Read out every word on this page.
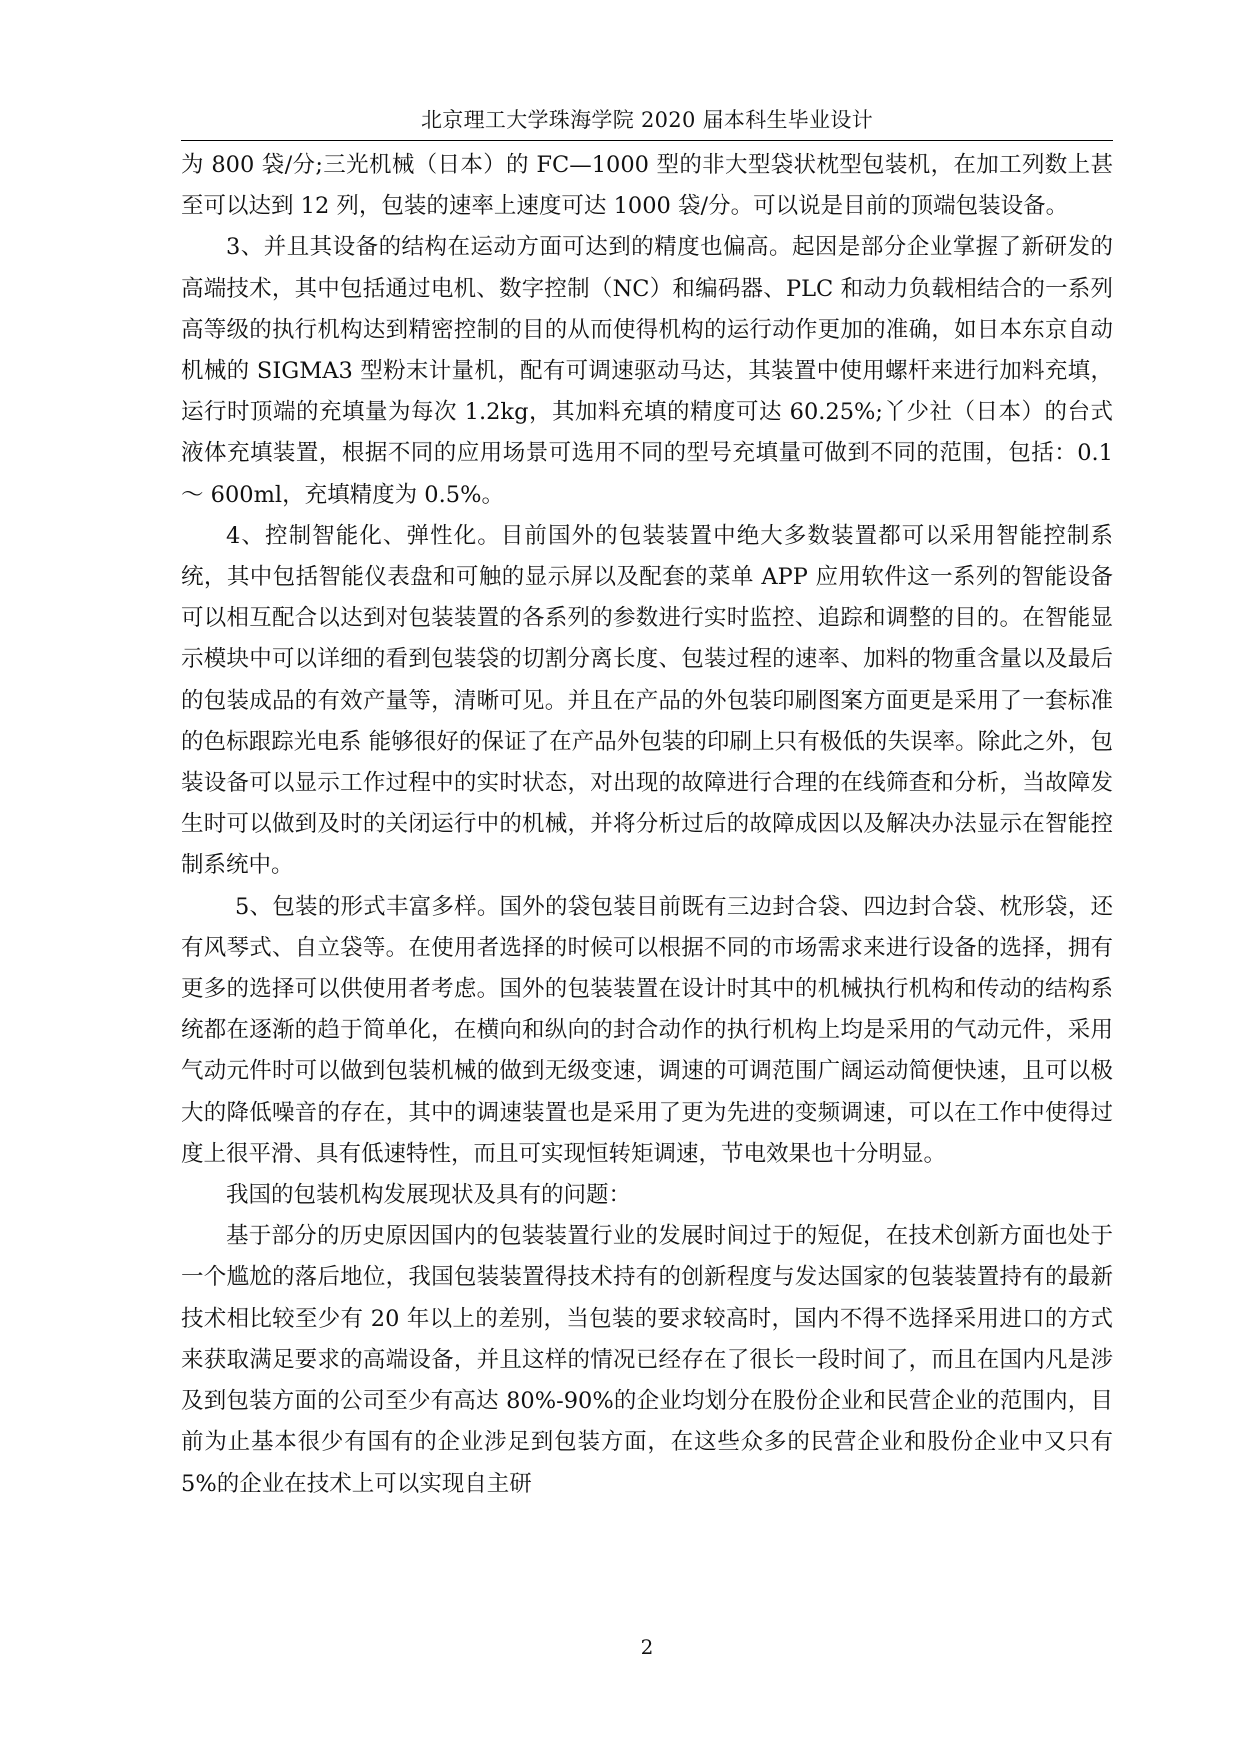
北京理工大学珠海学院 2020 届本科生毕业设计

为 800 袋/分;三光机械（日本）的 FC—1000 型的非大型袋状枕型包装机，在加工列数上甚至可以达到 12 列，包装的速率上速度可达 1000 袋/分。可以说是目前的顶端包装设备。

3、并且其设备的结构在运动方面可达到的精度也偏高。起因是部分企业掌握了新研发的高端技术，其中包括通过电机、数字控制（NC）和编码器、PLC 和动力负载相结合的一系列高等级的执行机构达到精密控制的目的从而使得机构的运行动作更加的准确，如日本东京自动机械的 SIGMA3 型粉末计量机，配有可调速驱动马达，其装置中使用螺杆来进行加料充填，运行时顶端的充填量为每次 1.2kg，其加料充填的精度可达 60.25%;丫少社（日本）的台式液体充填装置，根据不同的应用场景可选用不同的型号充填量可做到不同的范围，包括：0.1～ 600ml，充填精度为 0.5%。

4、控制智能化、弹性化。目前国外的包装装置中绝大多数装置都可以采用智能控制系统，其中包括智能仪表盘和可触的显示屏以及配套的菜单 APP 应用软件这一系列的智能设备可以相互配合以达到对包装装置的各系列的参数进行实时监控、追踪和调整的目的。在智能显示模块中可以详细的看到包装袋的切割分离长度、包装过程的速率、加料的物重含量以及最后的包装成品的有效产量等，清晰可见。并且在产品的外包装印刷图案方面更是采用了一套标准的色标跟踪光电系 能够很好的保证了在产品外包装的印刷上只有极低的失误率。除此之外，包装设备可以显示工作过程中的实时状态，对出现的故障进行合理的在线筛查和分析，当故障发生时可以做到及时的关闭运行中的机械，并将分析过后的故障成因以及解决办法显示在智能控制系统中。

5、包装的形式丰富多样。国外的袋包装目前既有三边封合袋、四边封合袋、枕形袋，还有风琴式、自立袋等。在使用者选择的时候可以根据不同的市场需求来进行设备的选择，拥有更多的选择可以供使用者考虑。国外的包装装置在设计时其中的机械执行机构和传动的结构系统都在逐渐的趋于简单化，在横向和纵向的封合动作的执行机构上均是采用的气动元件，采用气动元件时可以做到包装机械的做到无级变速，调速的可调范围广阔运动简便快速，且可以极大的降低噪音的存在，其中的调速装置也是采用了更为先进的变频调速，可以在工作中使得过度上很平滑、具有低速特性，而且可实现恒转矩调速，节电效果也十分明显。

我国的包装机构发展现状及具有的问题：

基于部分的历史原因国内的包装装置行业的发展时间过于的短促，在技术创新方面也处于一个尴尬的落后地位，我国包装装置得技术持有的创新程度与发达国家的包装装置持有的最新技术相比较至少有 20 年以上的差别，当包装的要求较高时，国内不得不选择采用进口的方式来获取满足要求的高端设备，并且这样的情况已经存在了很长一段时间了，而且在国内凡是涉及到包装方面的公司至少有高达 80%-90%的企业均划分在股份企业和民营企业的范围内，目前为止基本很少有国有的企业涉足到包装方面，在这些众多的民营企业和股份企业中又只有 5%的企业在技术上可以实现自主研

2
